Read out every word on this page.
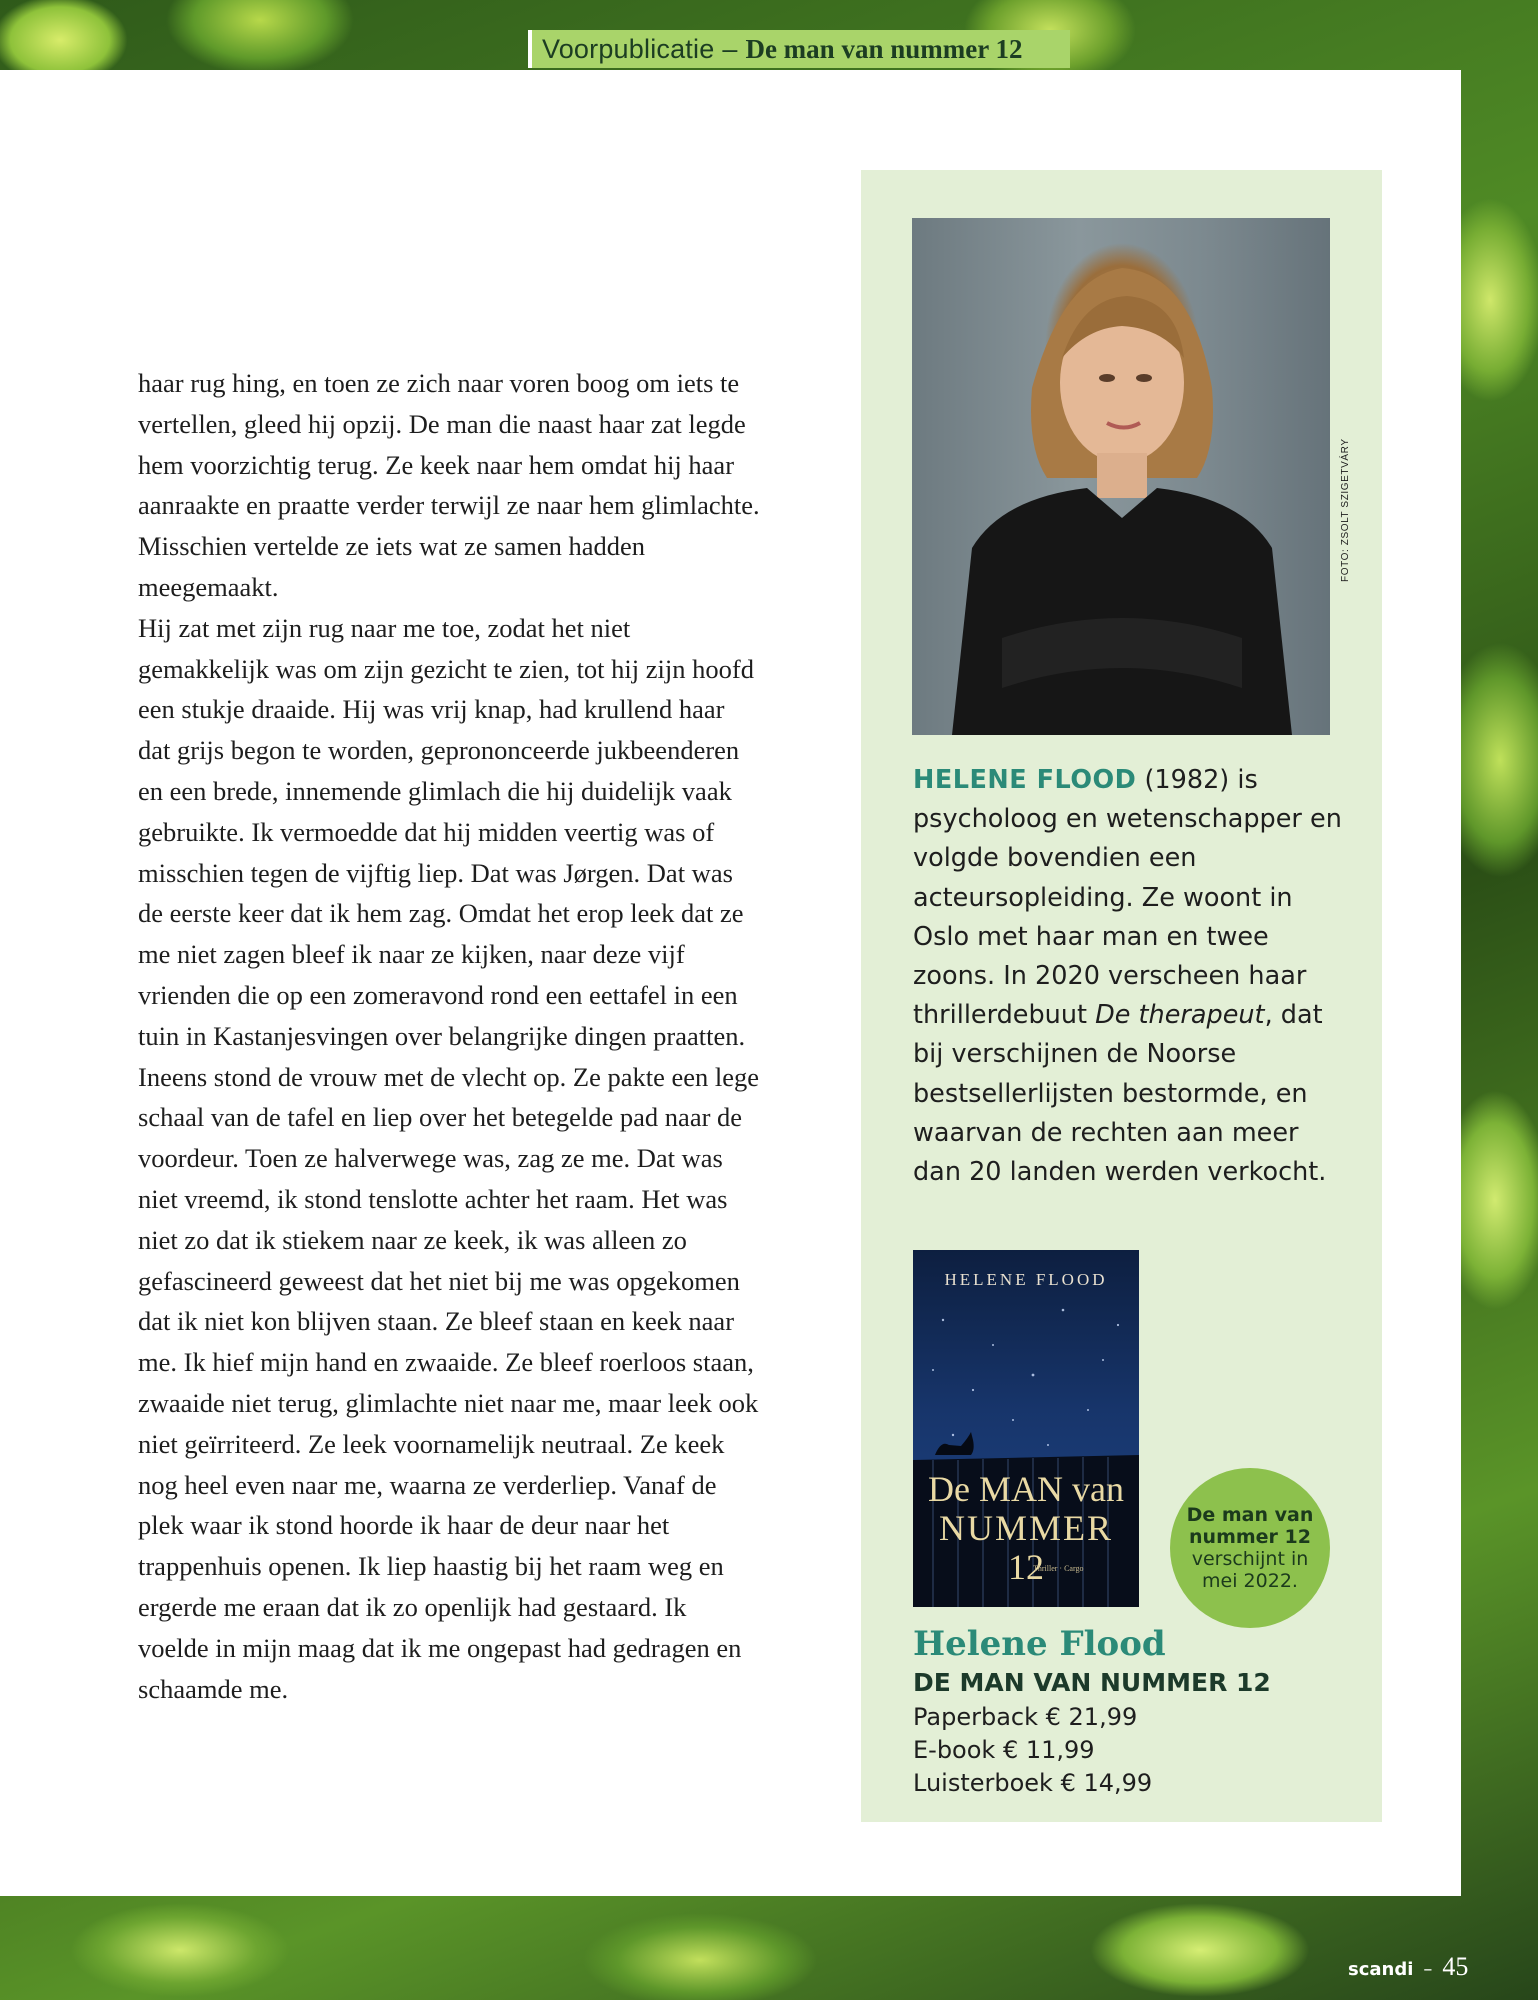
Voorpublicatie – De man van nummer 12

haar rug hing, en toen ze zich naar voren boog om iets te vertellen, gleed hij opzij. De man die naast haar zat legde hem voorzichtig terug. Ze keek naar hem omdat hij haar aanraakte en praatte verder terwijl ze naar hem glimlachte. Misschien vertelde ze iets wat ze samen hadden meegemaakt.

Hij zat met zijn rug naar me toe, zodat het niet gemakkelijk was om zijn gezicht te zien, tot hij zijn hoofd een stukje draaide. Hij was vrij knap, had krullend haar dat grijs begon te worden, geprononceerde jukbeenderen en een brede, innemende glimlach die hij duidelijk vaak gebruikte. Ik vermoedde dat hij midden veertig was of misschien tegen de vijftig liep. Dat was Jørgen. Dat was de eerste keer dat ik hem zag. Omdat het erop leek dat ze me niet zagen bleef ik naar ze kijken, naar deze vijf vrienden die op een zomeravond rond een eettafel in een tuin in Kastanjesvingen over belangrijke dingen praatten. Ineens stond de vrouw met de vlecht op. Ze pakte een lege schaal van de tafel en liep over het betegelde pad naar de voordeur. Toen ze halverwege was, zag ze me. Dat was niet vreemd, ik stond tenslotte achter het raam. Het was niet zo dat ik stiekem naar ze keek, ik was alleen zo gefascineerd geweest dat het niet bij me was opgekomen dat ik niet kon blijven staan. Ze bleef staan en keek naar me. Ik hief mijn hand en zwaaide. Ze bleef roerloos staan, zwaaide niet terug, glimlachte niet naar me, maar leek ook niet geïrriteerd. Ze leek voornamelijk neutraal. Ze keek nog heel even naar me, waarna ze verderliep. Vanaf de plek waar ik stond hoorde ik haar de deur naar het trappenhuis openen. Ik liep haastig bij het raam weg en ergerde me eraan dat ik zo openlijk had gestaard. Ik voelde in mijn maag dat ik me ongepast had gedragen en schaamde me.

FOTO: ZSOLT SZIGETVÁRY
HELENE FLOOD (1982) is psycholoog en wetenschapper en volgde bovendien een acteursopleiding. Ze woont in Oslo met haar man en twee zoons. In 2020 verscheen haar thrillerdebuut De therapeut, dat bij verschijnen de Noorse bestsellerlijsten bestormde, en waarvan de rechten aan meer dan 20 landen werden verkocht.
HELENE FLOOD
De MAN van
NUMMER
12
Thriller · Cargo
De man van
nummer 12
verschijnt in
mei 2022.
Helene Flood
DE MAN VAN NUMMER 12
Paperback € 21,99
E-book € 11,99
Luisterboek € 14,99
scandi – 45
